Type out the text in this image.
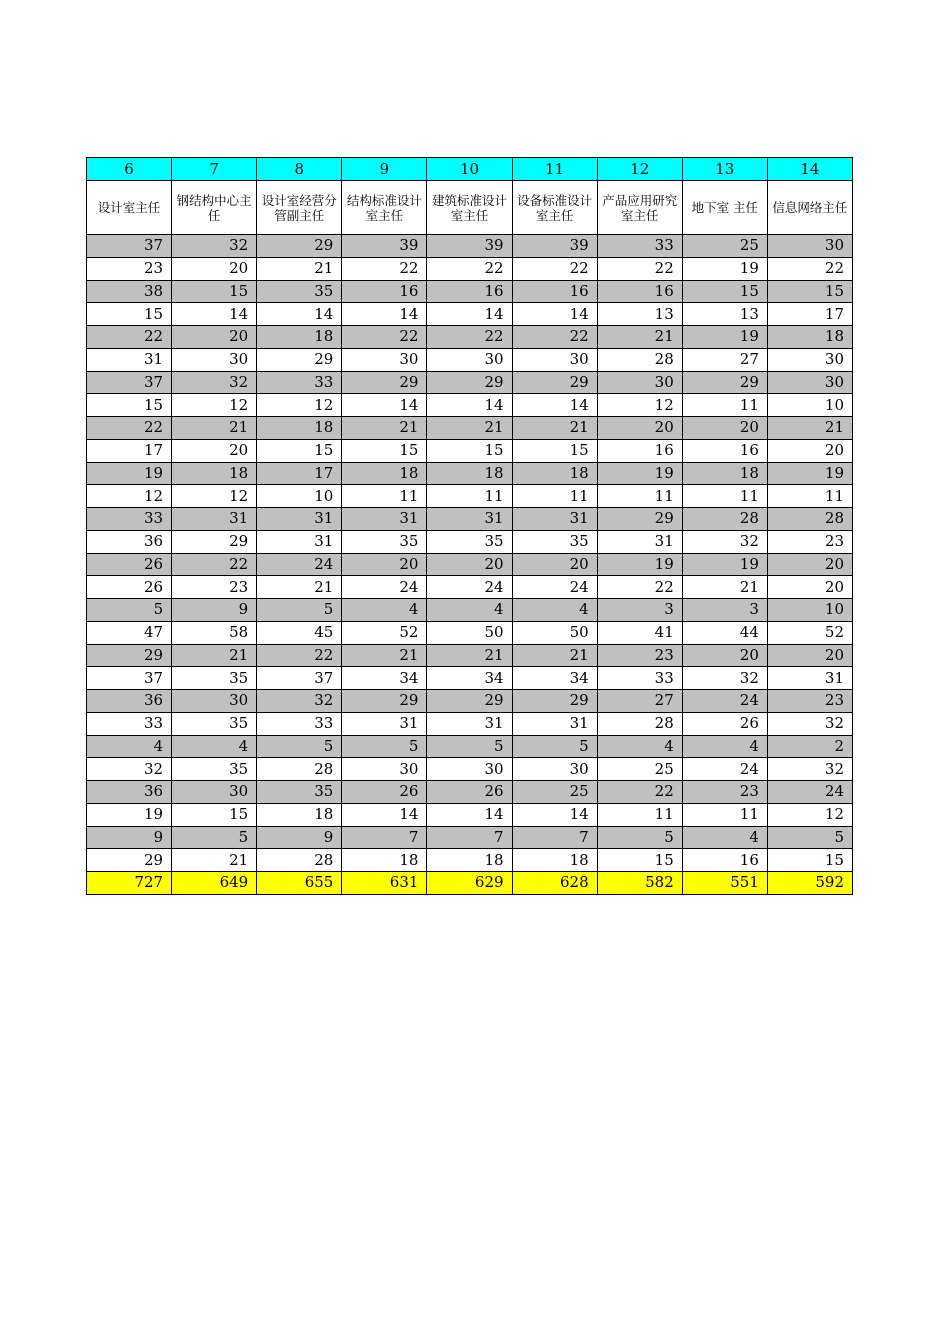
6	7	8	9	10	11	12	13	14
设计室主任	钢结构中心主任	设计室经营分管副主任	结构标准设计室主任	建筑标准设计室主任	设备标准设计室主任	产品应用研究室主任	地下室 主任	信息网络主任
37	32	29	39	39	39	33	25	30
23	20	21	22	22	22	22	19	22
38	15	35	16	16	16	16	15	15
15	14	14	14	14	14	13	13	17
22	20	18	22	22	22	21	19	18
31	30	29	30	30	30	28	27	30
37	32	33	29	29	29	30	29	30
15	12	12	14	14	14	12	11	10
22	21	18	21	21	21	20	20	21
17	20	15	15	15	15	16	16	20
19	18	17	18	18	18	19	18	19
12	12	10	11	11	11	11	11	11
33	31	31	31	31	31	29	28	28
36	29	31	35	35	35	31	32	23
26	22	24	20	20	20	19	19	20
26	23	21	24	24	24	22	21	20
5	9	5	4	4	4	3	3	10
47	58	45	52	50	50	41	44	52
29	21	22	21	21	21	23	20	20
37	35	37	34	34	34	33	32	31
36	30	32	29	29	29	27	24	23
33	35	33	31	31	31	28	26	32
4	4	5	5	5	5	4	4	2
32	35	28	30	30	30	25	24	32
36	30	35	26	26	25	22	23	24
19	15	18	14	14	14	11	11	12
9	5	9	7	7	7	5	4	5
29	21	28	18	18	18	15	16	15
727	649	655	631	629	628	582	551	592
